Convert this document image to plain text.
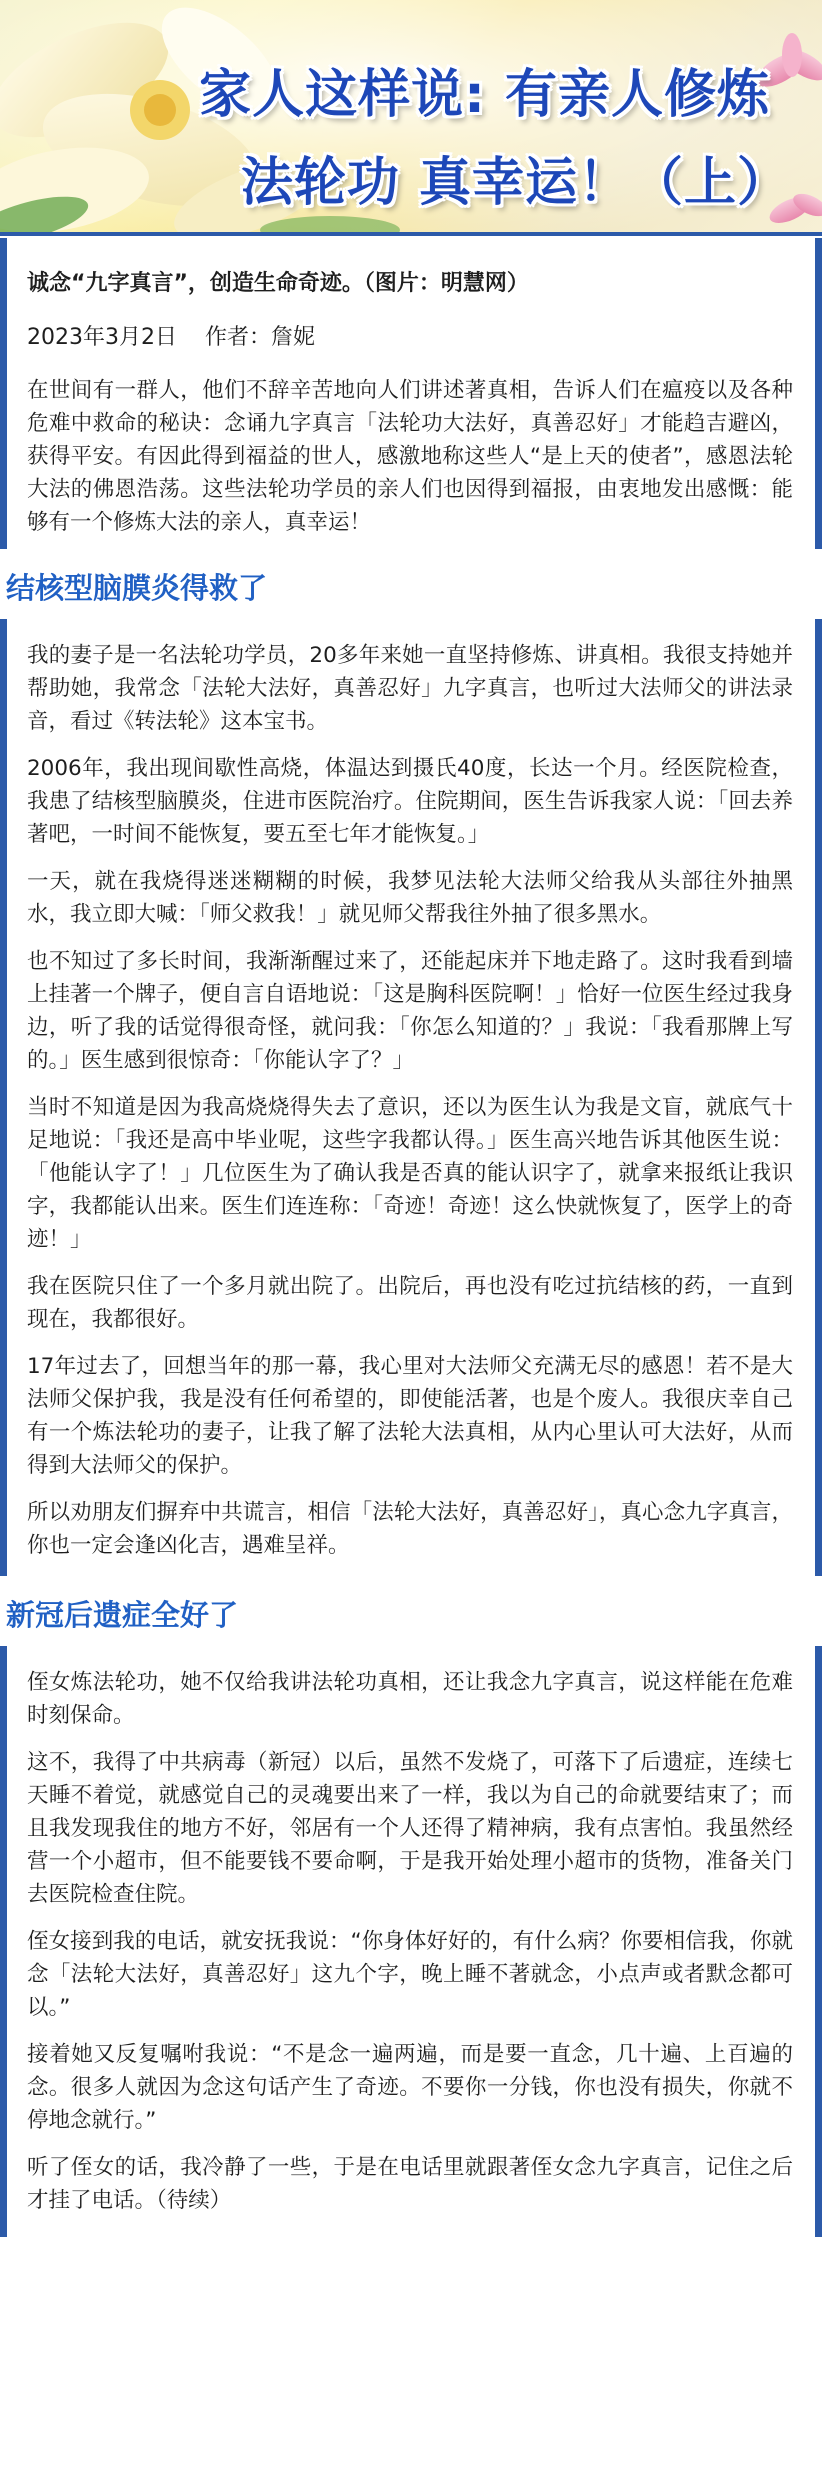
家人这样说: 有亲人修炼
法轮功 真幸运！（上）

诚念“九字真言”，创造生命奇迹。（图片：明慧网）

2023年3月2日 作者：詹妮

在世间有一群人，他们不辞辛苦地向人们讲述著真相，告诉人们在瘟疫以及各种危难中救命的秘诀：念诵九字真言「法轮功大法好，真善忍好」才能趋吉避凶，获得平安。有因此得到福益的世人，感激地称这些人“是上天的使者”，感恩法轮大法的佛恩浩荡。这些法轮功学员的亲人们也因得到福报，由衷地发出感慨：能够有一个修炼大法的亲人，真幸运！

结核型脑膜炎得救了

我的妻子是一名法轮功学员，20多年来她一直坚持修炼、讲真相。我很支持她并帮助她，我常念「法轮大法好，真善忍好」九字真言，也听过大法师父的讲法录音，看过《转法轮》这本宝书。

2006年，我出现间歇性高烧，体温达到摄氏40度，长达一个月。经医院检查，我患了结核型脑膜炎，住进市医院治疗。住院期间，医生告诉我家人说：「回去养著吧，一时间不能恢复，要五至七年才能恢复。」

一天，就在我烧得迷迷糊糊的时候，我梦见法轮大法师父给我从头部往外抽黑水，我立即大喊：「师父救我！」就见师父帮我往外抽了很多黑水。

也不知过了多长时间，我渐渐醒过来了，还能起床并下地走路了。这时我看到墙上挂著一个牌子，便自言自语地说：「这是胸科医院啊！」恰好一位医生经过我身边，听了我的话觉得很奇怪，就问我：「你怎么知道的？」我说：「我看那牌上写的。」医生感到很惊奇：「你能认字了？」

当时不知道是因为我高烧烧得失去了意识，还以为医生认为我是文盲，就底气十足地说：「我还是高中毕业呢，这些字我都认得。」医生高兴地告诉其他医生说：「他能认字了！」几位医生为了确认我是否真的能认识字了，就拿来报纸让我识字，我都能认出来。医生们连连称：「奇迹！奇迹！这么快就恢复了，医学上的奇迹！」

我在医院只住了一个多月就出院了。出院后，再也没有吃过抗结核的药，一直到现在，我都很好。

17年过去了，回想当年的那一幕，我心里对大法师父充满无尽的感恩！若不是大法师父保护我，我是没有任何希望的，即使能活著，也是个废人。我很庆幸自己有一个炼法轮功的妻子，让我了解了法轮大法真相，从内心里认可大法好，从而得到大法师父的保护。

所以劝朋友们摒弃中共谎言，相信「法轮大法好，真善忍好」，真心念九字真言，你也一定会逢凶化吉，遇难呈祥。

新冠后遗症全好了

侄女炼法轮功，她不仅给我讲法轮功真相，还让我念九字真言，说这样能在危难时刻保命。

这不，我得了中共病毒（新冠）以后，虽然不发烧了，可落下了后遗症，连续七天睡不着觉，就感觉自己的灵魂要出来了一样，我以为自己的命就要结束了；而且我发现我住的地方不好，邻居有一个人还得了精神病，我有点害怕。我虽然经营一个小超市，但不能要钱不要命啊，于是我开始处理小超市的货物，准备关门去医院检查住院。

侄女接到我的电话，就安抚我说：“你身体好好的，有什么病？你要相信我，你就念「法轮大法好，真善忍好」这九个字，晚上睡不著就念，小点声或者默念都可以。”

接着她又反复嘱咐我说：“不是念一遍两遍，而是要一直念，几十遍、上百遍的念。很多人就因为念这句话产生了奇迹。不要你一分钱，你也没有损失，你就不停地念就行。”

听了侄女的话，我冷静了一些，于是在电话里就跟著侄女念九字真言，记住之后才挂了电话。（待续）
